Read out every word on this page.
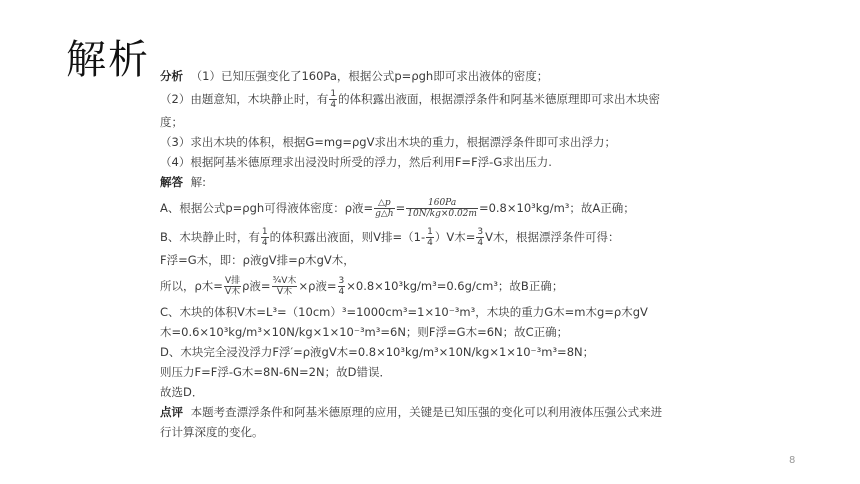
解析 分析 （1）已知压强变化了160Pa，根据公式p=ρgh即可求出液体的密度；
（2）由题意知，木块静止时，有 $\frac{1}{4}$ 的体积露出液面，根据漂浮条件和阿基米德原理即可求出木块密
度；
（3）求出木块的体积，根据G=mg=ρgV求出木块的重力，根据漂浮条件即可求出浮力；
（4）根据阿基米德原理求出浸没时所受的浮力，然后利用F=F浮-G求出压力.
解答 解:
A、根据公式p=ρgh可得液体密度：ρ液= $\frac{\triangle p}{g\triangle h} = \frac{160Pa}{10N/kg\times 0.02m} =0.8\times 10^3kg/m^3$；故A正确；
B、木块静止时，有 $\frac{1}{4}$ 的体积露出液面，则V排$=(1- \frac{1}{4} )V$木= $\frac{3}{4}$ V木，根据漂浮条件可得：
F浮=G木，即：ρ液gV排=ρ木gV木，
所以，ρ木= $\frac{\text{V排}}{\text{V木}}$ ρ液= $\frac{\text{¾V木}}{\text{V木}} \times\rho$液= $\frac{3}{4} \times 0.8\times 10^3kg/m^3=0.6g/cm^3$；故B正确；
C、木块的体积V木=L³=（10cm）³=1000cm³=1×10⁻³m³，木块的重力G木=m木g=ρ木gV
木=0.6×10³kg/m³×10N/kg×1×10⁻³m³=6N；则F浮=G木=6N；故C正确；
D、木块完全浸没浮力F浮′=ρ液gV木=0.8×10³kg/m³×10N/kg×1×10⁻³m³=8N；
则压力F=F浮-G木=8N-6N=2N；故D错误．
故选D．
点评 本题考查漂浮条件和阿基米德原理的应用，关键是已知压强的变化可以利用液体压强公式来进
行计算深度的变化。
8
